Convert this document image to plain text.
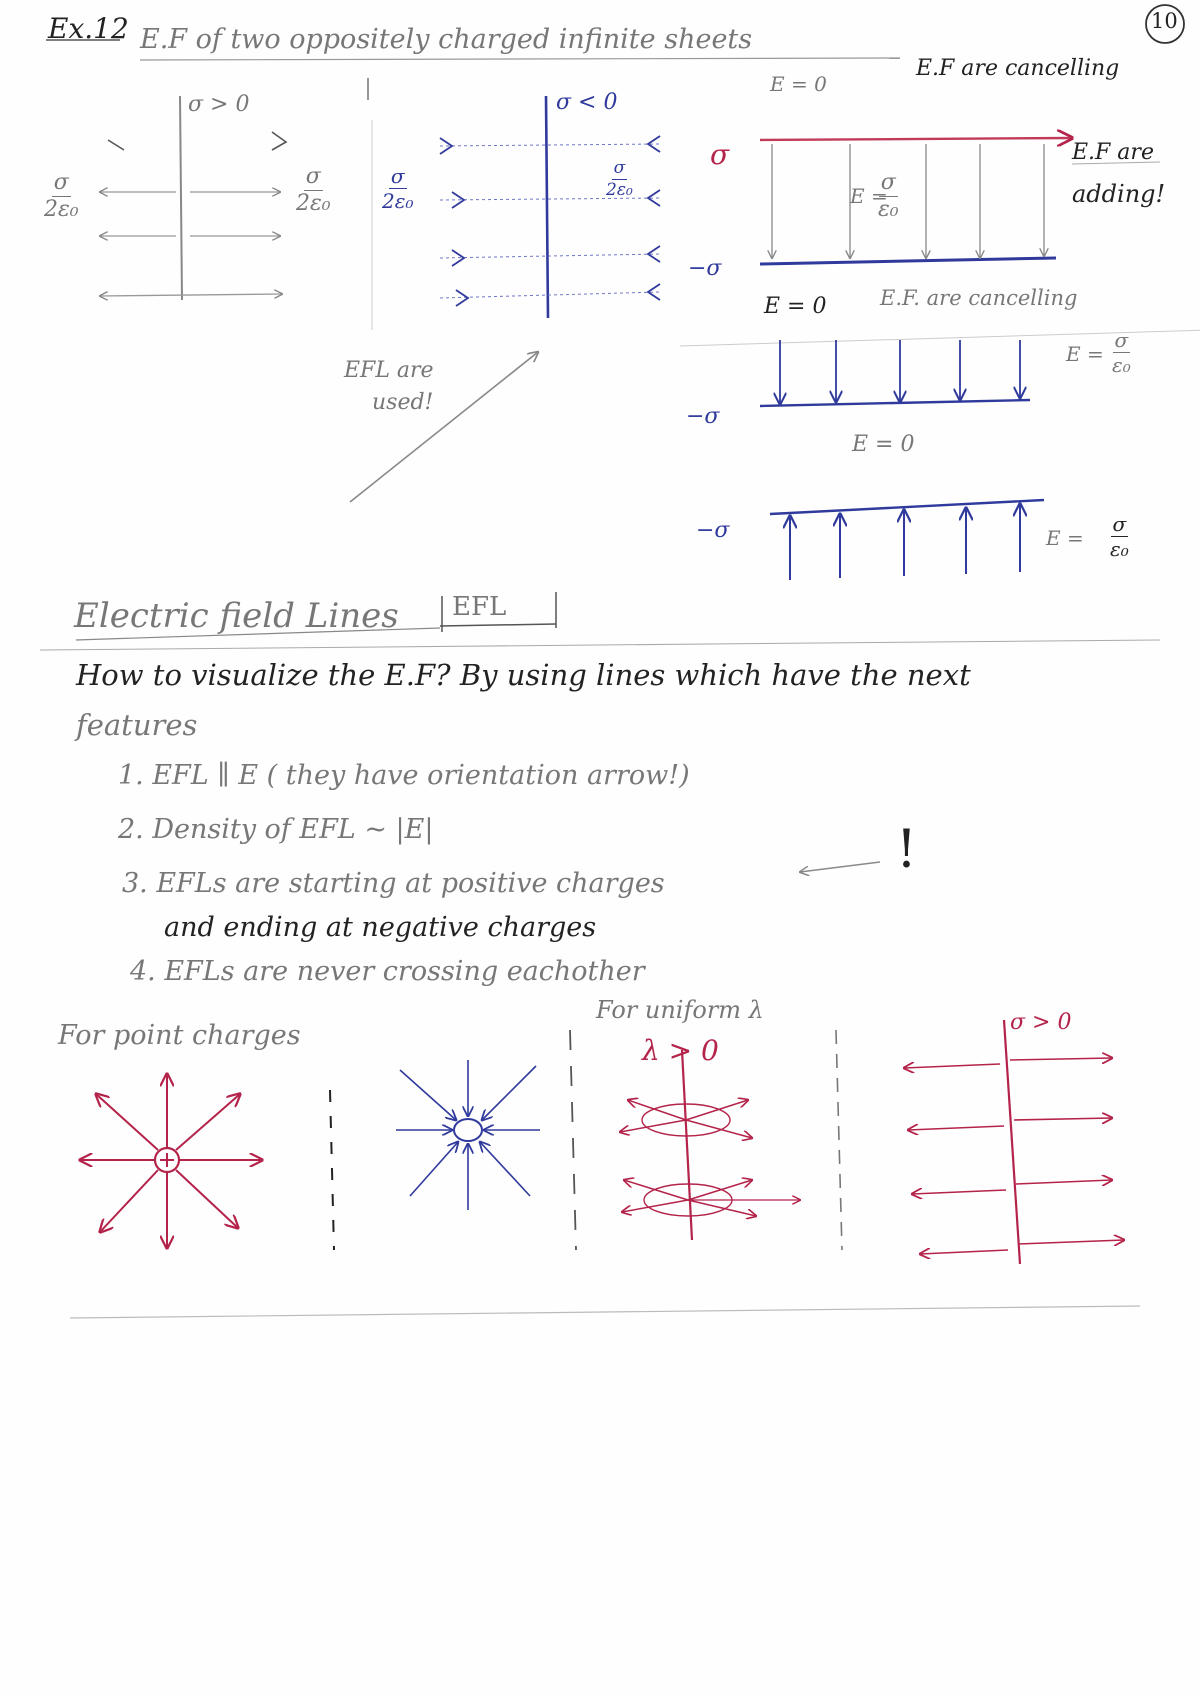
Ex.12 E.F of two oppositely charged infinite sheets
10
σ > 0
$\frac{\sigma}{\text{2ε₀}}$	$\frac{\sigma}{\text{2ε₀}}$
σ < 0
$\frac{\sigma}{\text{2ε₀}}$	$\frac{\sigma}{\text{2ε₀}}$
EFL are
used!
E = 0
E.F are cancelling
σ
−σ
$\frac{\sigma}{\text{ε₀}}$
E =
E.F are
adding!
E = 0	E.F. are cancelling
−σ
$E = \frac{\sigma}{\text{ε₀}}$
E = 0
−σ	$E = \frac{\sigma}{\text{ε₀}}$
Electric field Lines EFL
How to visualize the E.F? By using lines which have the next
features
1. EFL ∥ E ( they have orientation arrow!)
2. Density of EFL ~ |E|
3. EFLs are starting at positive charges
and ending at negative charges
4. EFLs are never crossing eachother
!
For point charges
For uniform λ
λ > 0
σ > 0
